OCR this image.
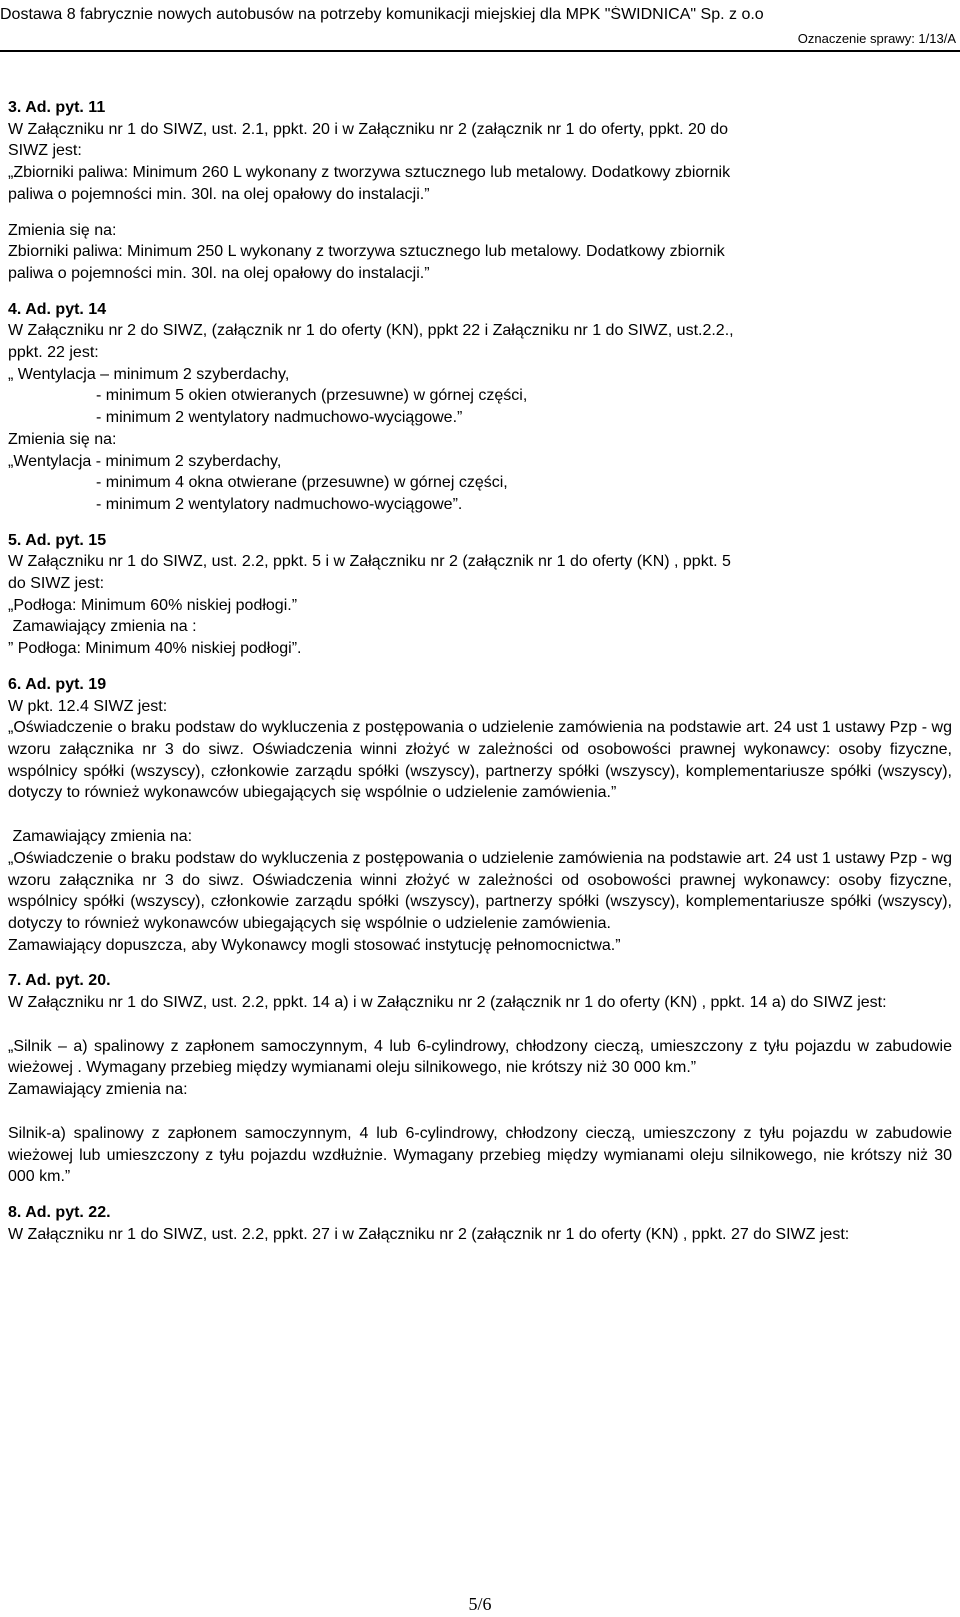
Dostawa 8 fabrycznie nowych autobusów na potrzeby komunikacji miejskiej dla MPK "ŚWIDNICA" Sp. z o.o
Oznaczenie sprawy: 1/13/A

3. Ad. pyt. 11

W Załączniku nr 1 do SIWZ, ust. 2.1, ppkt. 20 i w Załączniku nr 2 (załącznik nr 1 do oferty, ppkt. 20 do

SIWZ jest:

„Zbiorniki paliwa: Minimum 260 L wykonany z tworzywa sztucznego lub metalowy. Dodatkowy zbiornik

paliwa o pojemności min. 30l. na olej opałowy do instalacji.”

Zmienia się na:

Zbiorniki paliwa: Minimum 250 L wykonany z tworzywa sztucznego lub metalowy. Dodatkowy zbiornik

paliwa o pojemności min. 30l. na olej opałowy do instalacji.”

4. Ad. pyt. 14

W Załączniku nr 2 do SIWZ, (załącznik nr 1 do oferty (KN), ppkt 22 i Załączniku nr 1 do SIWZ, ust.2.2.,

ppkt. 22 jest:

„ Wentylacja – minimum 2 szyberdachy,

- minimum 5 okien otwieranych (przesuwne) w górnej części,

- minimum 2 wentylatory nadmuchowo-wyciągowe.”

Zmienia się na:

„Wentylacja - minimum 2 szyberdachy,

- minimum 4 okna otwierane (przesuwne) w górnej części,

- minimum 2 wentylatory nadmuchowo-wyciągowe”.

5. Ad. pyt. 15

W Załączniku nr 1 do SIWZ, ust. 2.2, ppkt. 5 i w Załączniku nr 2 (załącznik nr 1 do oferty (KN) , ppkt. 5

do SIWZ jest:

„Podłoga: Minimum 60% niskiej podłogi.”

Zamawiający zmienia na :

” Podłoga: Minimum 40% niskiej podłogi”.

6. Ad. pyt. 19

W pkt. 12.4 SIWZ jest:

„Oświadczenie o braku podstaw do wykluczenia z postępowania o udzielenie zamówienia na podstawie art. 24 ust 1 ustawy Pzp - wg wzoru załącznika nr 3 do siwz. Oświadczenia winni złożyć w zależności od osobowości prawnej wykonawcy: osoby fizyczne, wspólnicy spółki (wszyscy), członkowie zarządu spółki (wszyscy), partnerzy spółki (wszyscy), komplementariusze spółki (wszyscy), dotyczy to również wykonawców ubiegających się wspólnie o udzielenie zamówienia.”

Zamawiający zmienia na:

„Oświadczenie o braku podstaw do wykluczenia z postępowania o udzielenie zamówienia na podstawie art. 24 ust 1 ustawy Pzp - wg wzoru załącznika nr 3 do siwz. Oświadczenia winni złożyć w zależności od osobowości prawnej wykonawcy: osoby fizyczne, wspólnicy spółki (wszyscy), członkowie zarządu spółki (wszyscy), partnerzy spółki (wszyscy), komplementariusze spółki (wszyscy), dotyczy to również wykonawców ubiegających się wspólnie o udzielenie zamówienia.

Zamawiający dopuszcza, aby Wykonawcy mogli stosować instytucję pełnomocnictwa.”

7. Ad. pyt. 20.

W Załączniku nr 1 do SIWZ, ust. 2.2, ppkt. 14 a) i w Załączniku nr 2 (załącznik nr 1 do oferty (KN) , ppkt. 14 a) do SIWZ jest:

„Silnik – a) spalinowy z zapłonem samoczynnym, 4 lub 6-cylindrowy, chłodzony cieczą, umieszczony z tyłu pojazdu w zabudowie wieżowej . Wymagany przebieg między wymianami oleju silnikowego, nie krótszy niż 30 000 km.”

Zamawiający zmienia na:

Silnik-a) spalinowy z zapłonem samoczynnym, 4 lub 6-cylindrowy, chłodzony cieczą, umieszczony z tyłu pojazdu w zabudowie wieżowej lub umieszczony z tyłu pojazdu wzdłużnie. Wymagany przebieg między wymianami oleju silnikowego, nie krótszy niż 30 000 km.”

8. Ad. pyt. 22.

W Załączniku nr 1 do SIWZ, ust. 2.2, ppkt. 27 i w Załączniku nr 2 (załącznik nr 1 do oferty (KN) , ppkt. 27 do SIWZ jest:

5/6
